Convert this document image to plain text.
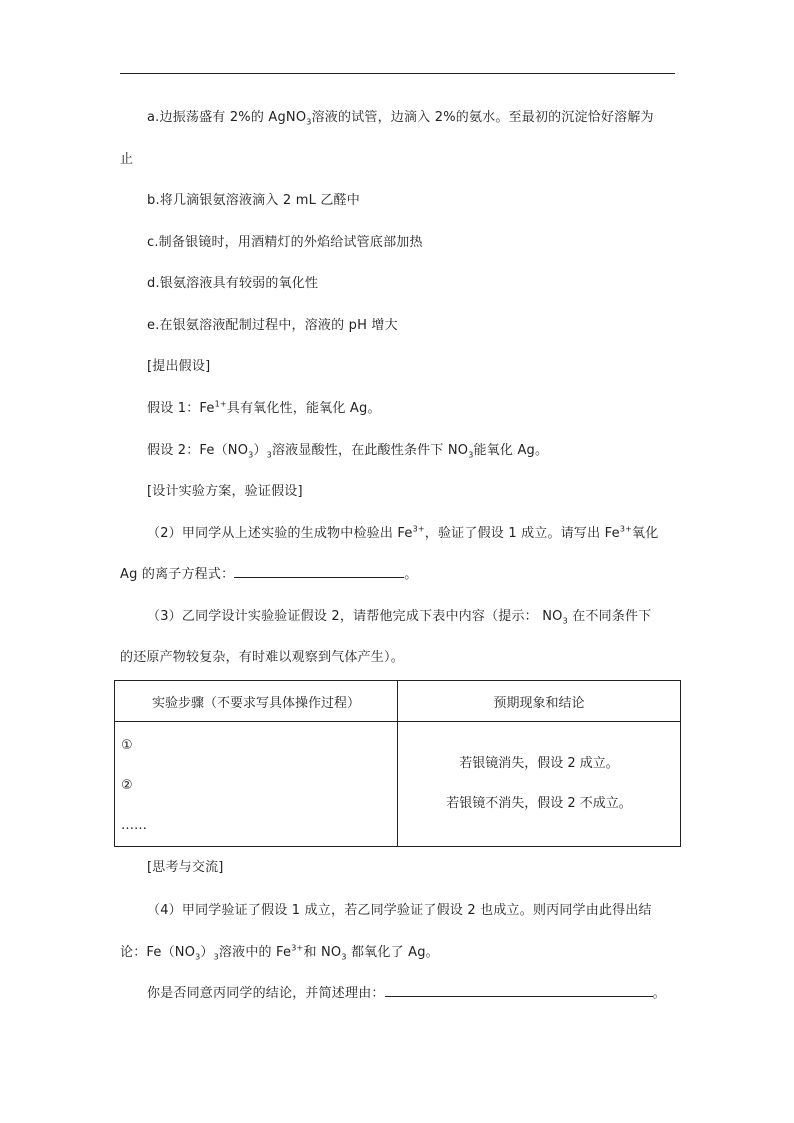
a.边振荡盛有 2%的 AgNO$_3$溶液的试管，边滴入 2%的氨水。至最初的沉淀恰好溶解为
止
b.将几滴银氨溶液滴入 2 mL 乙醛中
c.制备银镜时，用酒精灯的外焰给试管底部加热
d.银氨溶液具有较弱的氧化性
e.在银氨溶液配制过程中，溶液的 pH 增大
[提出假设]
假设 1：$Fe^{1+}$具有氧化性，能氧化 Ag。
假设 2：$Fe(NO_3)_3$溶液显酸性，在此酸性条件下 $NO_3$能氧化 Ag。
[设计实验方案，验证假设]
（2）甲同学从上述实验的生成物中检验出 $Fe^{3+}$，验证了假设 1 成立。请写出 $Fe^{3+}$氧化
Ag 的离子方程式：	。
（3）乙同学设计实验验证假设 2，请帮他完成下表中内容（提示： $NO_3$ 在不同条件下
的还原产物较复杂，有时难以观察到气体产生）。
实验步骤（不要求写具体操作过程）	预期现象和结论

①
②
……	若银镜消失，假设 2 成立。
若银镜不消失，假设 2 不成立。
[思考与交流]
（4）甲同学验证了假设 1 成立，若乙同学验证了假设 2 也成立。则丙同学由此得出结
论：$Fe(NO_3)_3$溶液中的 $Fe^{3+}$和 $NO_3$ 都氧化了 Ag。
你是否同意丙同学的结论，并简述理由：	。
